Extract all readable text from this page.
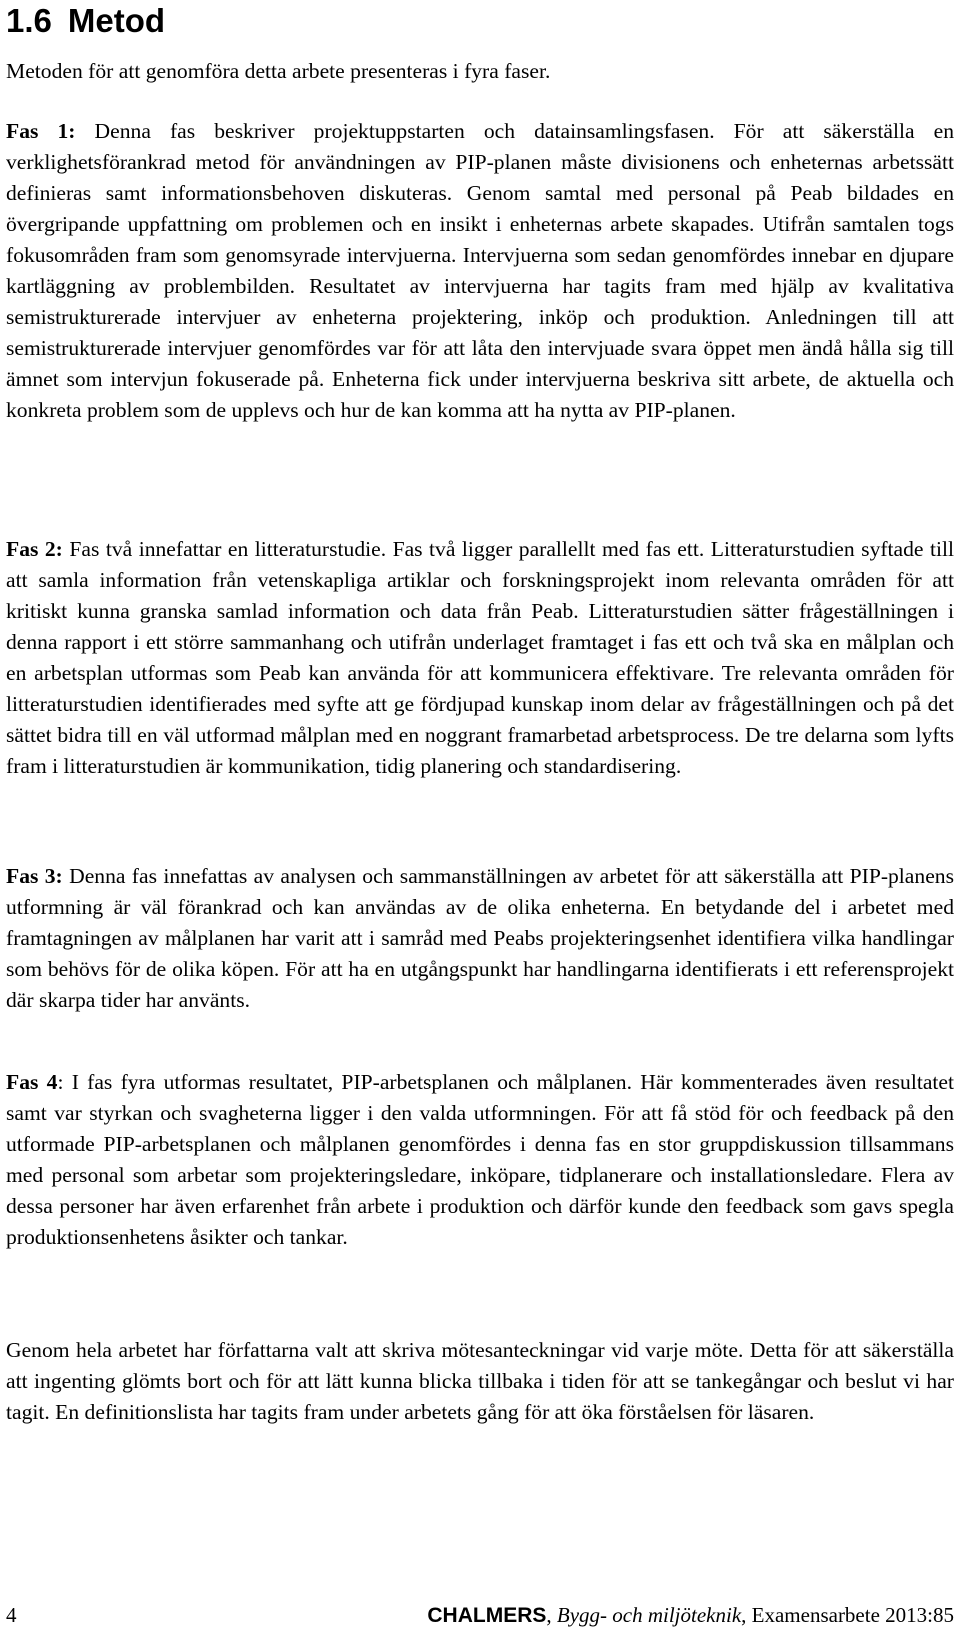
1.6 Metod

Metoden för att genomföra detta arbete presenteras i fyra faser.

Fas 1: Denna fas beskriver projektuppstarten och datainsamlingsfasen. För att säkerställa en verklighetsförankrad metod för användningen av PIP-planen måste divisionens och enheternas arbetssätt definieras samt informationsbehoven diskuteras. Genom samtal med personal på Peab bildades en övergripande uppfattning om problemen och en insikt i enheternas arbete skapades. Utifrån samtalen togs fokusområden fram som genomsyrade intervjuerna. Intervjuerna som sedan genomfördes innebar en djupare kartläggning av problembilden. Resultatet av intervjuerna har tagits fram med hjälp av kvalitativa semistrukturerade intervjuer av enheterna projektering, inköp och produktion. Anledningen till att semistrukturerade intervjuer genomfördes var för att låta den intervjuade svara öppet men ändå hålla sig till ämnet som intervjun fokuserade på. Enheterna fick under intervjuerna beskriva sitt arbete, de aktuella och konkreta problem som de upplevs och hur de kan komma att ha nytta av PIP-planen.

Fas 2: Fas två innefattar en litteraturstudie. Fas två ligger parallellt med fas ett. Litteraturstudien syftade till att samla information från vetenskapliga artiklar och forskningsprojekt inom relevanta områden för att kritiskt kunna granska samlad information och data från Peab. Litteraturstudien sätter frågeställningen i denna rapport i ett större sammanhang och utifrån underlaget framtaget i fas ett och två ska en målplan och en arbetsplan utformas som Peab kan använda för att kommunicera effektivare. Tre relevanta områden för litteraturstudien identifierades med syfte att ge fördjupad kunskap inom delar av frågeställningen och på det sättet bidra till en väl utformad målplan med en noggrant framarbetad arbetsprocess. De tre delarna som lyfts fram i litteraturstudien är kommunikation, tidig planering och standardisering.

Fas 3: Denna fas innefattas av analysen och sammanställningen av arbetet för att säkerställa att PIP-planens utformning är väl förankrad och kan användas av de olika enheterna. En betydande del i arbetet med framtagningen av målplanen har varit att i samråd med Peabs projekteringsenhet identifiera vilka handlingar som behövs för de olika köpen. För att ha en utgångspunkt har handlingarna identifierats i ett referensprojekt där skarpa tider har använts.

Fas 4: I fas fyra utformas resultatet, PIP-arbetsplanen och målplanen. Här kommenterades även resultatet samt var styrkan och svagheterna ligger i den valda utformningen. För att få stöd för och feedback på den utformade PIP-arbetsplanen och målplanen genomfördes i denna fas en stor gruppdiskussion tillsammans med personal som arbetar som projekteringsledare, inköpare, tidplanerare och installationsledare. Flera av dessa personer har även erfarenhet från arbete i produktion och därför kunde den feedback som gavs spegla produktionsenhetens åsikter och tankar.

Genom hela arbetet har författarna valt att skriva mötesanteckningar vid varje möte. Detta för att säkerställa att ingenting glömts bort och för att lätt kunna blicka tillbaka i tiden för att se tankegångar och beslut vi har tagit. En definitionslista har tagits fram under arbetets gång för att öka förståelsen för läsaren.

4	CHALMERS, Bygg- och miljöteknik, Examensarbete 2013:85
